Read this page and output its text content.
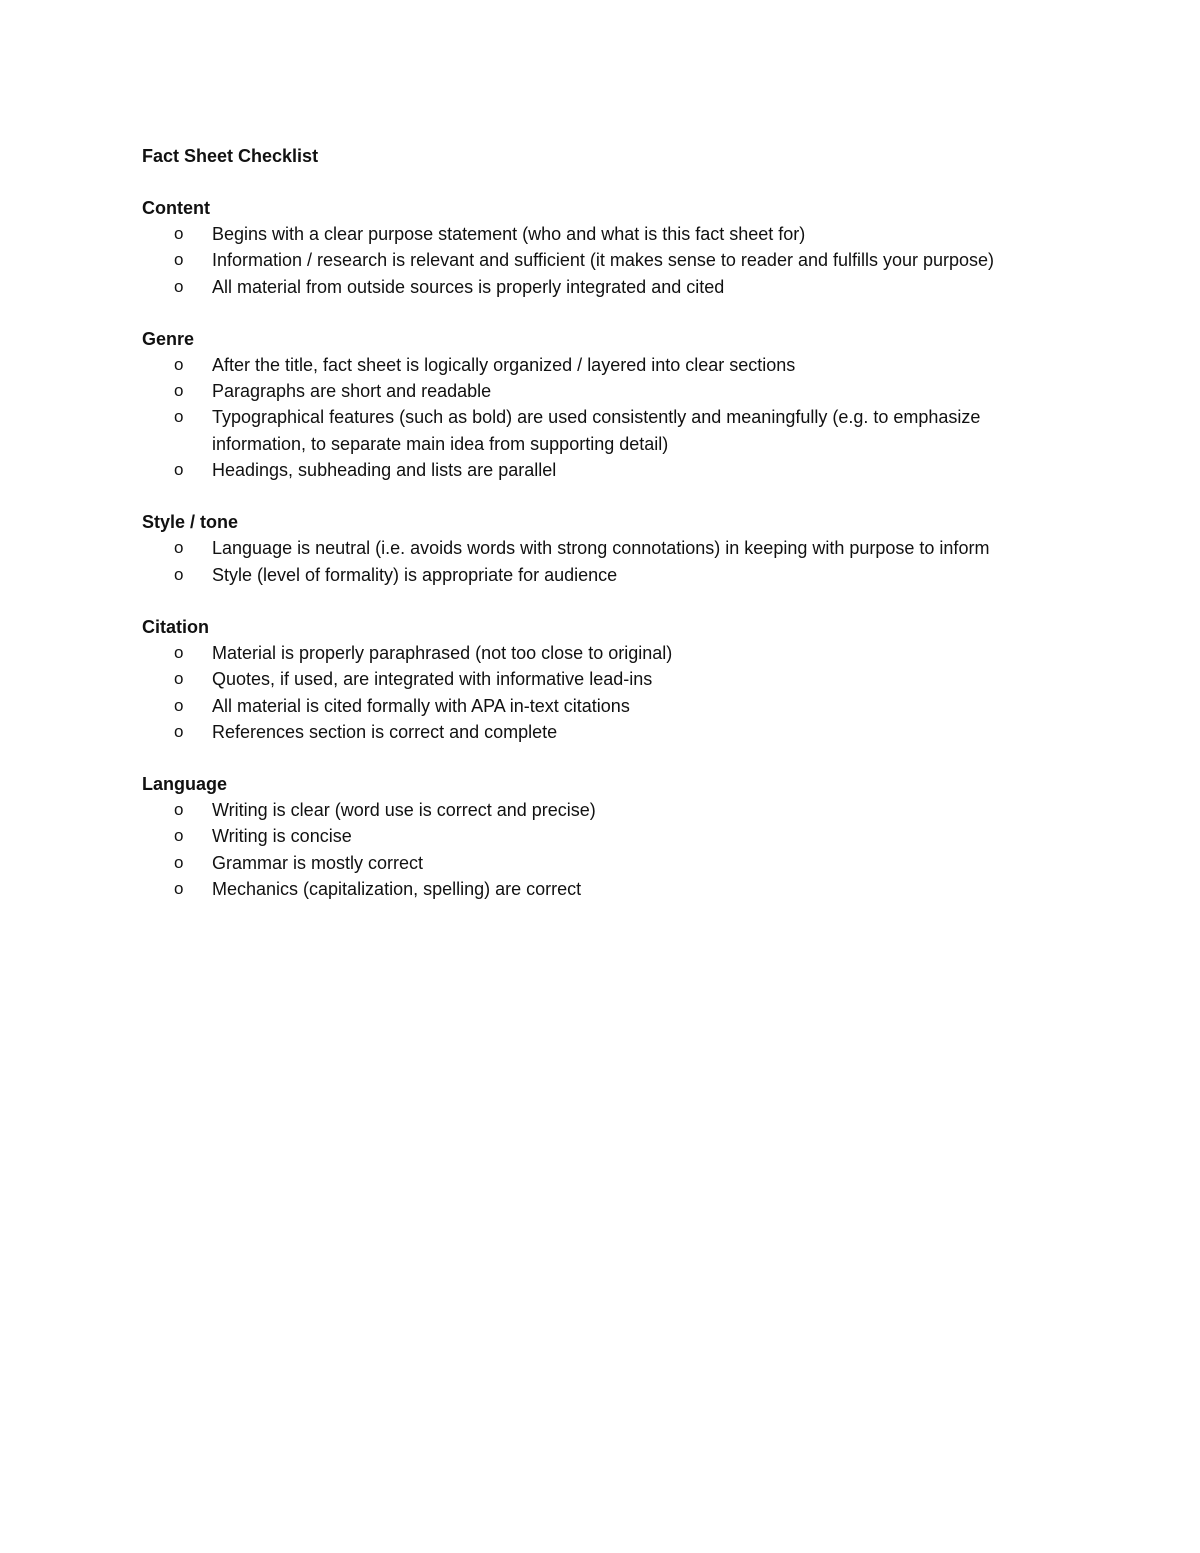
Fact Sheet Checklist
Content
o	Begins with a clear purpose statement (who and what is this fact sheet for)
o	Information / research is relevant and sufficient (it makes sense to reader and fulfills your purpose)
o	All material from outside sources is properly integrated and cited
Genre
o	After the title, fact sheet is logically organized / layered into clear sections
o	Paragraphs are short and readable
o	Typographical features (such as bold) are used consistently and meaningfully (e.g. to emphasize information, to separate main idea from supporting detail)
o	Headings, subheading and lists are parallel
Style / tone
o	Language is neutral (i.e. avoids words with strong connotations) in keeping with purpose to inform
o	Style (level of formality) is appropriate for audience
Citation
o	Material is properly paraphrased (not too close to original)
o	Quotes, if used, are integrated with informative lead-ins
o	All material is cited formally with APA in-text citations
o	References section is correct and complete
Language
o	Writing is clear (word use is correct and precise)
o	Writing is concise
o	Grammar is mostly correct
o	Mechanics (capitalization, spelling) are correct
